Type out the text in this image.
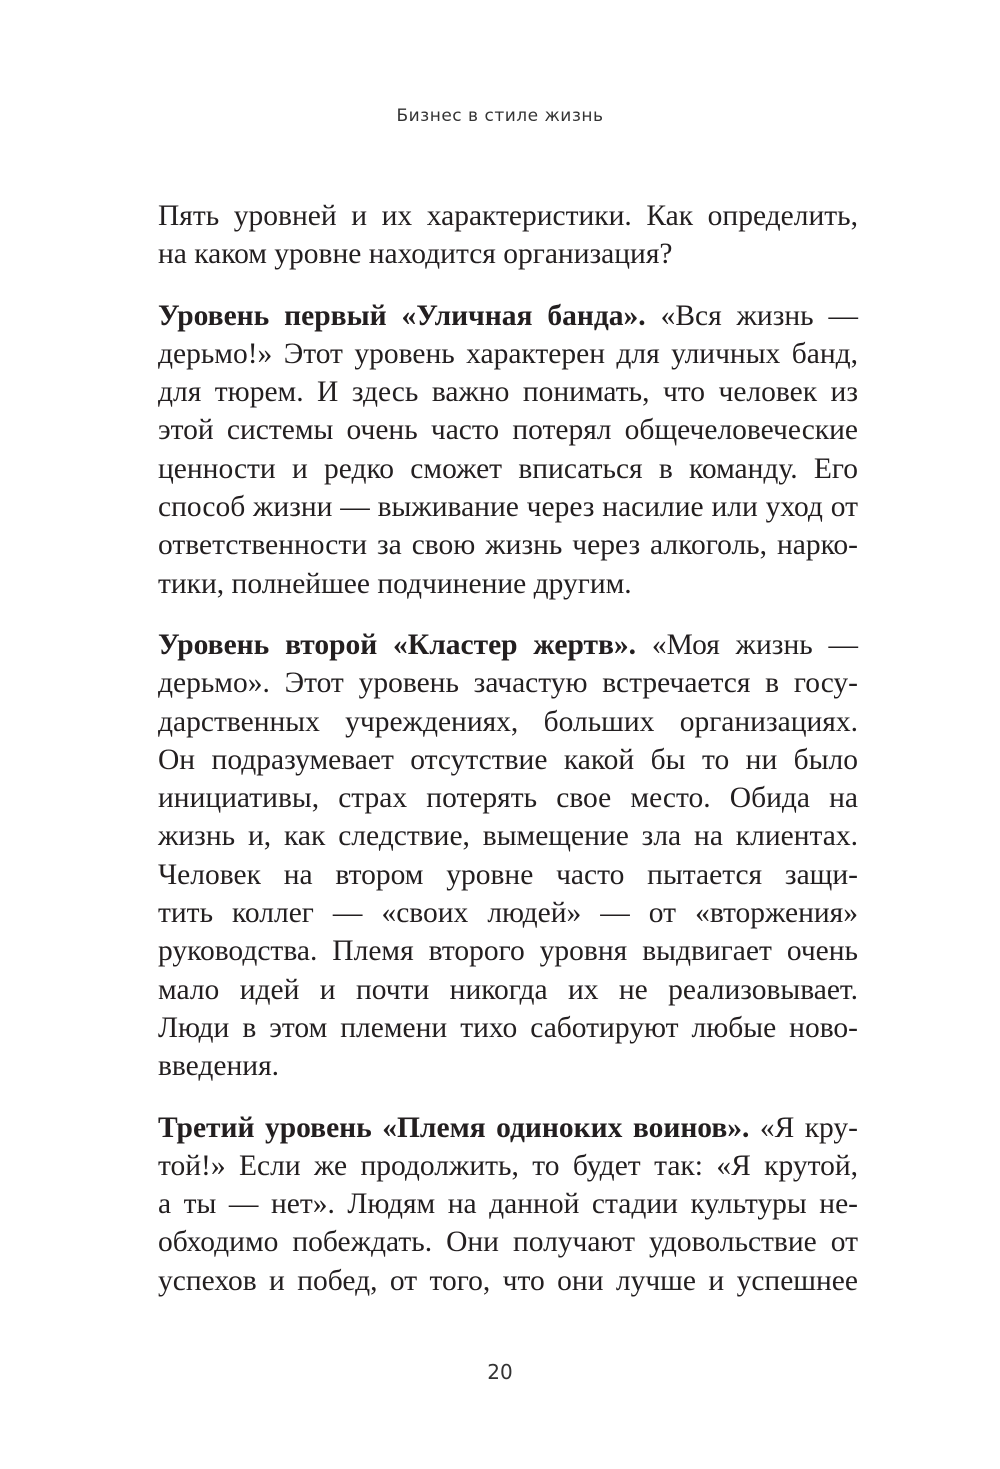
Бизнес в стиле жизнь
Пять уровней и их характеристики. Как определить,
на каком уровне находится организация?
Уровень первый «Уличная банда». «Вся жизнь —
дерьмо!» Этот уровень характерен для уличных банд,
для тюрем. И здесь важно понимать, что человек из
этой системы очень часто потерял общечеловеческие
ценности и редко сможет вписаться в команду. Его
способ жизни — выживание через насилие или уход от
ответственности за свою жизнь через алкоголь, нарко-
тики, полнейшее подчинение другим.
Уровень второй «Кластер жертв». «Моя жизнь —
дерьмо». Этот уровень зачастую встречается в госу-
дарственных учреждениях, больших организациях.
Он подразумевает отсутствие какой бы то ни было
инициативы, страх потерять свое место. Обида на
жизнь и, как следствие, вымещение зла на клиентах.
Человек на втором уровне часто пытается защи-
тить коллег — «своих людей» — от «вторжения»
руководства. Племя второго уровня выдвигает очень
мало идей и почти никогда их не реализовывает.
Люди в этом племени тихо саботируют любые ново-
введения.
Третий уровень «Племя одиноких воинов». «Я кру-
той!» Если же продолжить, то будет так: «Я крутой,
а ты — нет». Людям на данной стадии культуры не-
обходимо побеждать. Они получают удовольствие от
успехов и побед, от того, что они лучше и успешнее
20
